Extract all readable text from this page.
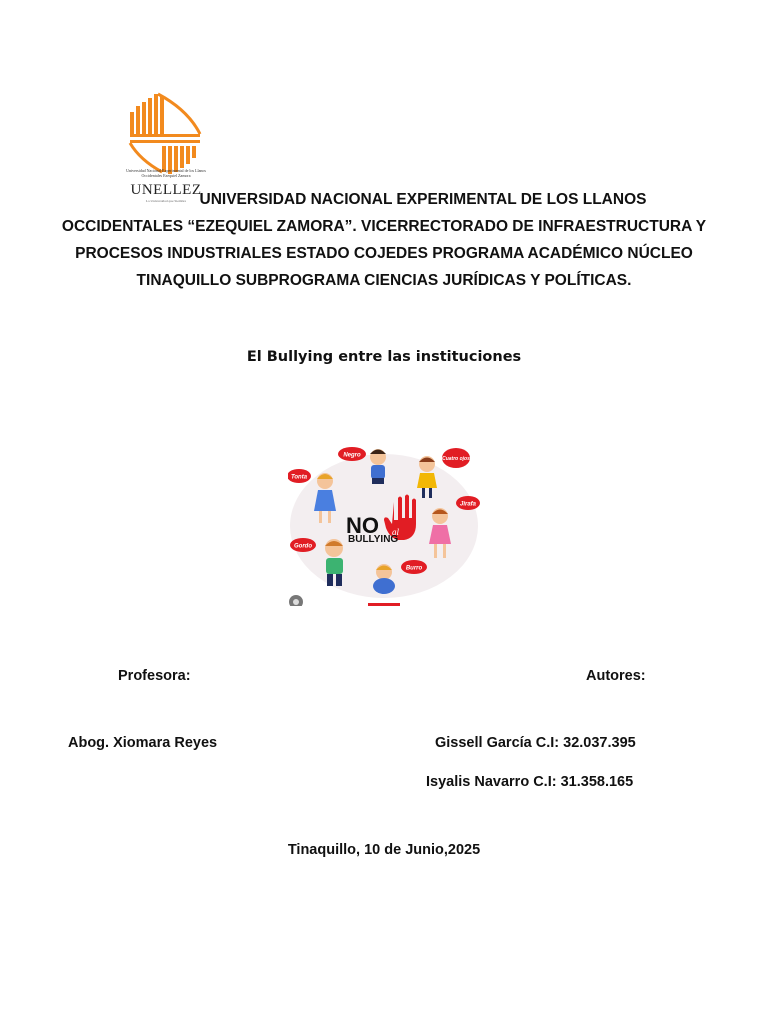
Universidad Nacional Experimental de los Llanos
Occidentales Ezequiel Zamora
UNELLEZ
La Universidad que Siembra UNIVERSIDAD NACIONAL EXPERIMENTAL DE LOS LLANOS
OCCIDENTALES “EZEQUIEL ZAMORA”. VICERRECTORADO DE INFRAESTRUCTURA Y
PROCESOS INDUSTRIALES ESTADO COJEDES PROGRAMA ACADÉMICO NÚCLEO
TINAQUILLO SUBPROGRAMA CIENCIAS JURÍDICAS Y POLÍTICAS.
El Bullying entre las instituciones
Negro
Tonta
Cuatro ojos
Jirafa
Gordo
Burro
NO al
BULLYING
Profesora:	Autores:
Abog. Xiomara Reyes	Gissell García C.I: 32.037.395
Isyalis Navarro C.I: 31.358.165
Tinaquillo, 10 de Junio,2025
